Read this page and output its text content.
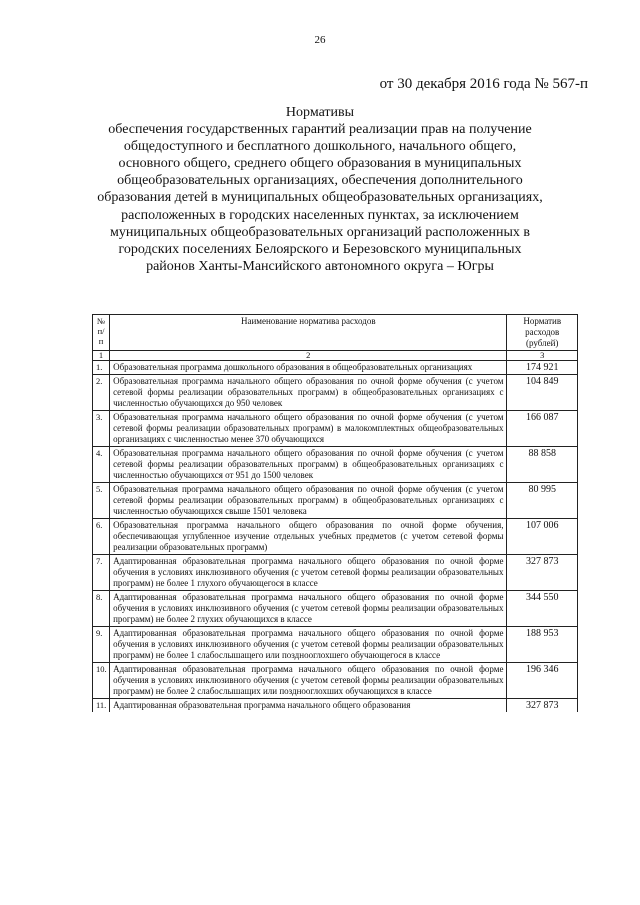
26
от 30 декабря 2016 года № 567-п
Нормативы
обеспечения государственных гарантий реализации прав на получение
общедоступного и бесплатного дошкольного, начального общего,
основного общего, среднего общего образования в муниципальных
общеобразовательных организациях, обеспечения дополнительного
образования детей в муниципальных общеобразовательных организациях,
расположенных в городских населенных пунктах, за исключением
муниципальных общеобразовательных организаций расположенных в
городских поселениях Белоярского и Березовского муниципальных
районов Ханты-Мансийского автономного округа – Югры
№ п/п	Наименование норматива расходов	Норматив расходов (рублей)
1	2	3
1.	Образовательная программа дошкольного образования в общеобразовательных организациях	174 921
2.	Образовательная программа начального общего образования по очной форме обучения (с учетом сетевой формы реализации образовательных программ) в общеобразовательных организациях с численностью обучающихся до 950 человек	104 849
3.	Образовательная программа начального общего образования по очной форме обучения (с учетом сетевой формы реализации образовательных программ) в малокомплектных общеобразовательных организациях с численностью менее 370 обучающихся	166 087
4.	Образовательная программа начального общего образования по очной форме обучения (с учетом сетевой формы реализации образовательных программ) в общеобразовательных организациях с численностью обучающихся от 951 до 1500 человек	88 858
5.	Образовательная программа начального общего образования по очной форме обучения (с учетом сетевой формы реализации образовательных программ) в общеобразовательных организациях с численностью обучающихся свыше 1501 человека	80 995
6.	Образовательная программа начального общего образования по очной форме обучения, обеспечивающая углубленное изучение отдельных учебных предметов (с учетом сетевой формы реализации образовательных программ)	107 006
7.	Адаптированная образовательная программа начального общего образования по очной форме обучения в условиях инклюзивного обучения (с учетом сетевой формы реализации образовательных программ) не более 1 глухого обучающегося в классе	327 873
8.	Адаптированная образовательная программа начального общего образования по очной форме обучения в условиях инклюзивного обучения (с учетом сетевой формы реализации образовательных программ) не более 2 глухих обучающихся в классе	344 550
9.	Адаптированная образовательная программа начального общего образования по очной форме обучения в условиях инклюзивного обучения (с учетом сетевой формы реализации образовательных программ) не более 1 слабослышащего или позднооглохшего обучающегося в классе	188 953
10.	Адаптированная образовательная программа начального общего образования по очной форме обучения в условиях инклюзивного обучения (с учетом сетевой формы реализации образовательных программ) не более 2 слабослышащих или позднооглохших обучающихся в классе	196 346
11.	Адаптированная образовательная программа начального общего образования	327 873
